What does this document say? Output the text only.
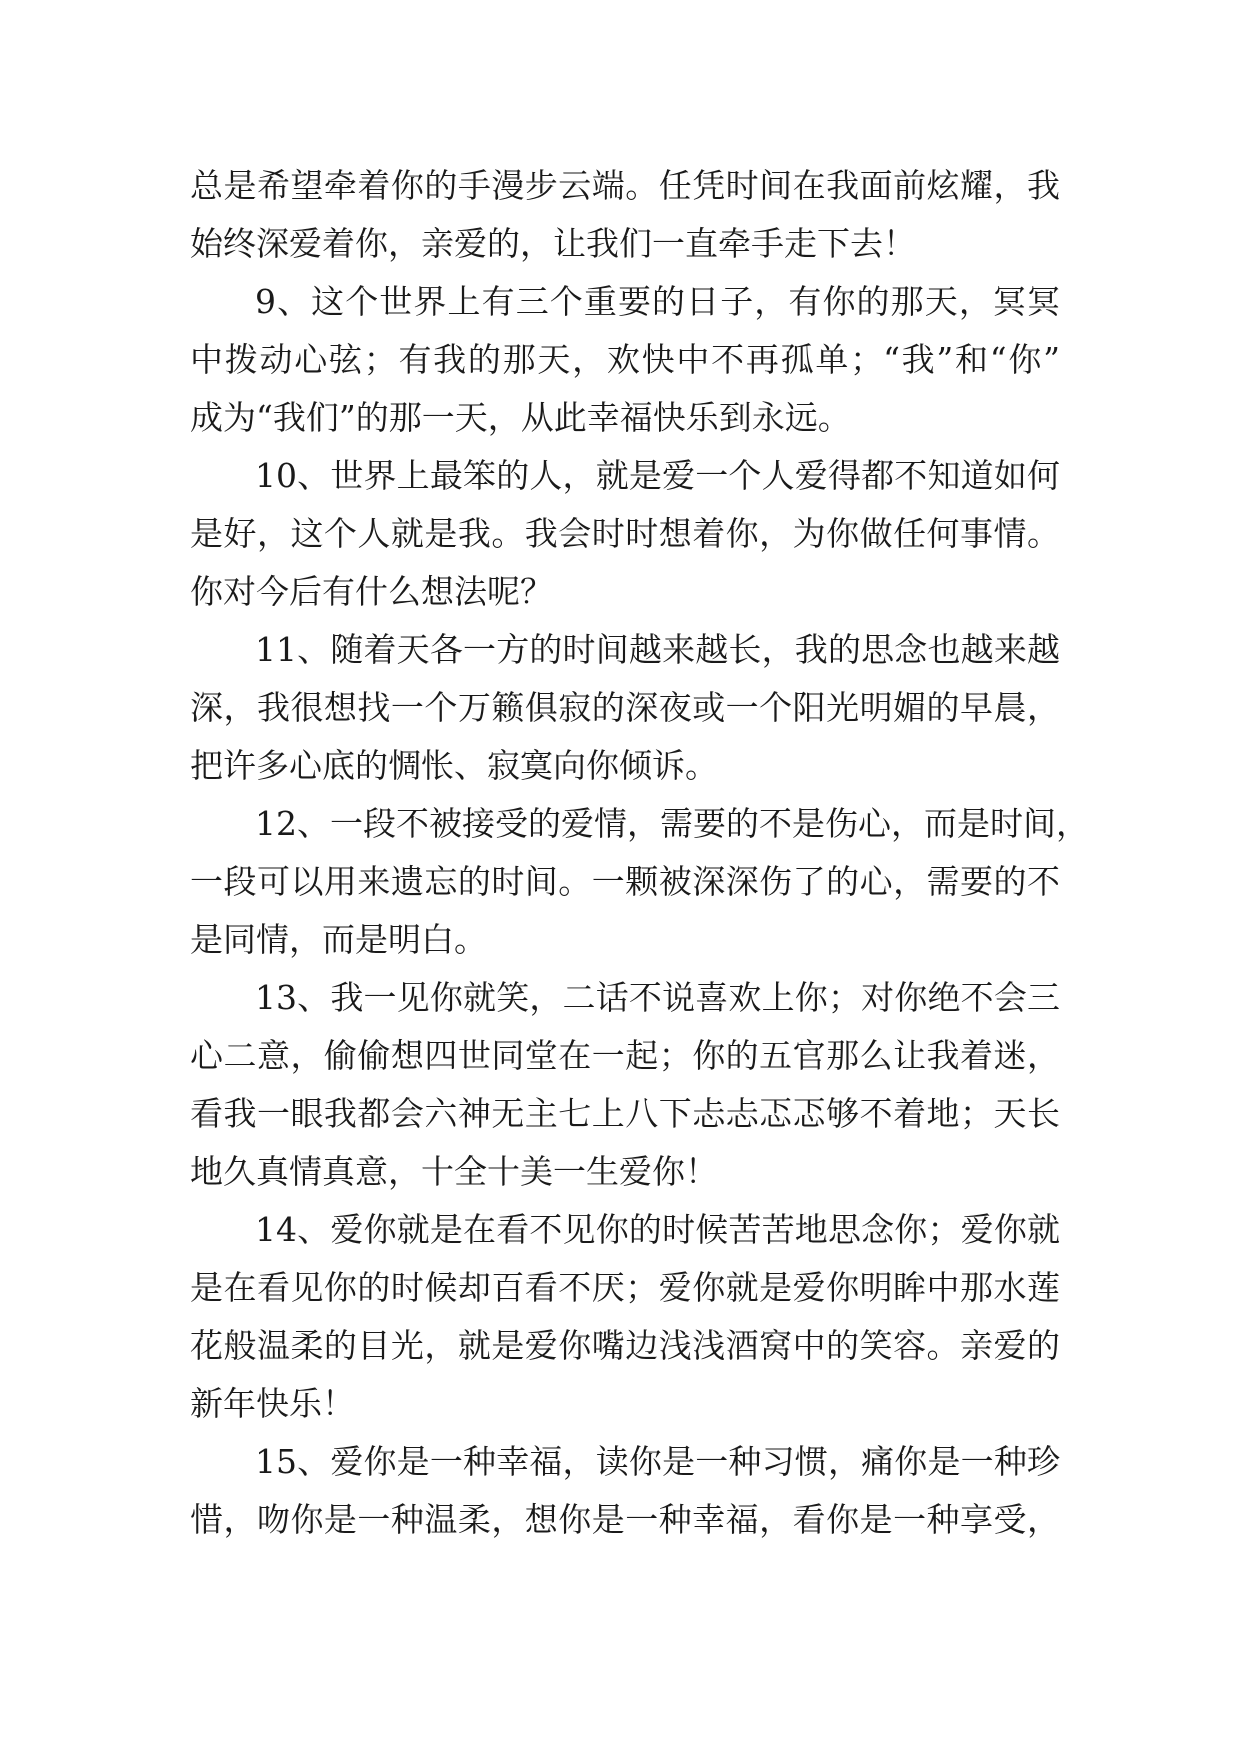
总是希望牵着你的手漫步云端。任凭时间在我面前炫耀，我
始终深爱着你，亲爱的，让我们一直牵手走下去！
9、这个世界上有三个重要的日子，有你的那天，冥冥
中拨动心弦；有我的那天，欢快中不再孤单；“我”和“你”
成为“我们”的那一天，从此幸福快乐到永远。
10、世界上最笨的人，就是爱一个人爱得都不知道如何
是好，这个人就是我。我会时时想着你，为你做任何事情。
你对今后有什么想法呢？
11、随着天各一方的时间越来越长，我的思念也越来越
深，我很想找一个万籁俱寂的深夜或一个阳光明媚的早晨，
把许多心底的惆怅、寂寞向你倾诉。
12、一段不被接受的爱情，需要的不是伤心，而是时间，
一段可以用来遗忘的时间。一颗被深深伤了的心，需要的不
是同情，而是明白。
13、我一见你就笑，二话不说喜欢上你；对你绝不会三
心二意，偷偷想四世同堂在一起；你的五官那么让我着迷，
看我一眼我都会六神无主七上八下忐忐忑忑够不着地；天长
地久真情真意，十全十美一生爱你！
14、爱你就是在看不见你的时候苦苦地思念你；爱你就
是在看见你的时候却百看不厌；爱你就是爱你明眸中那水莲
花般温柔的目光，就是爱你嘴边浅浅酒窝中的笑容。亲爱的
新年快乐！
15、爱你是一种幸福，读你是一种习惯，痛你是一种珍
惜，吻你是一种温柔，想你是一种幸福，看你是一种享受，
